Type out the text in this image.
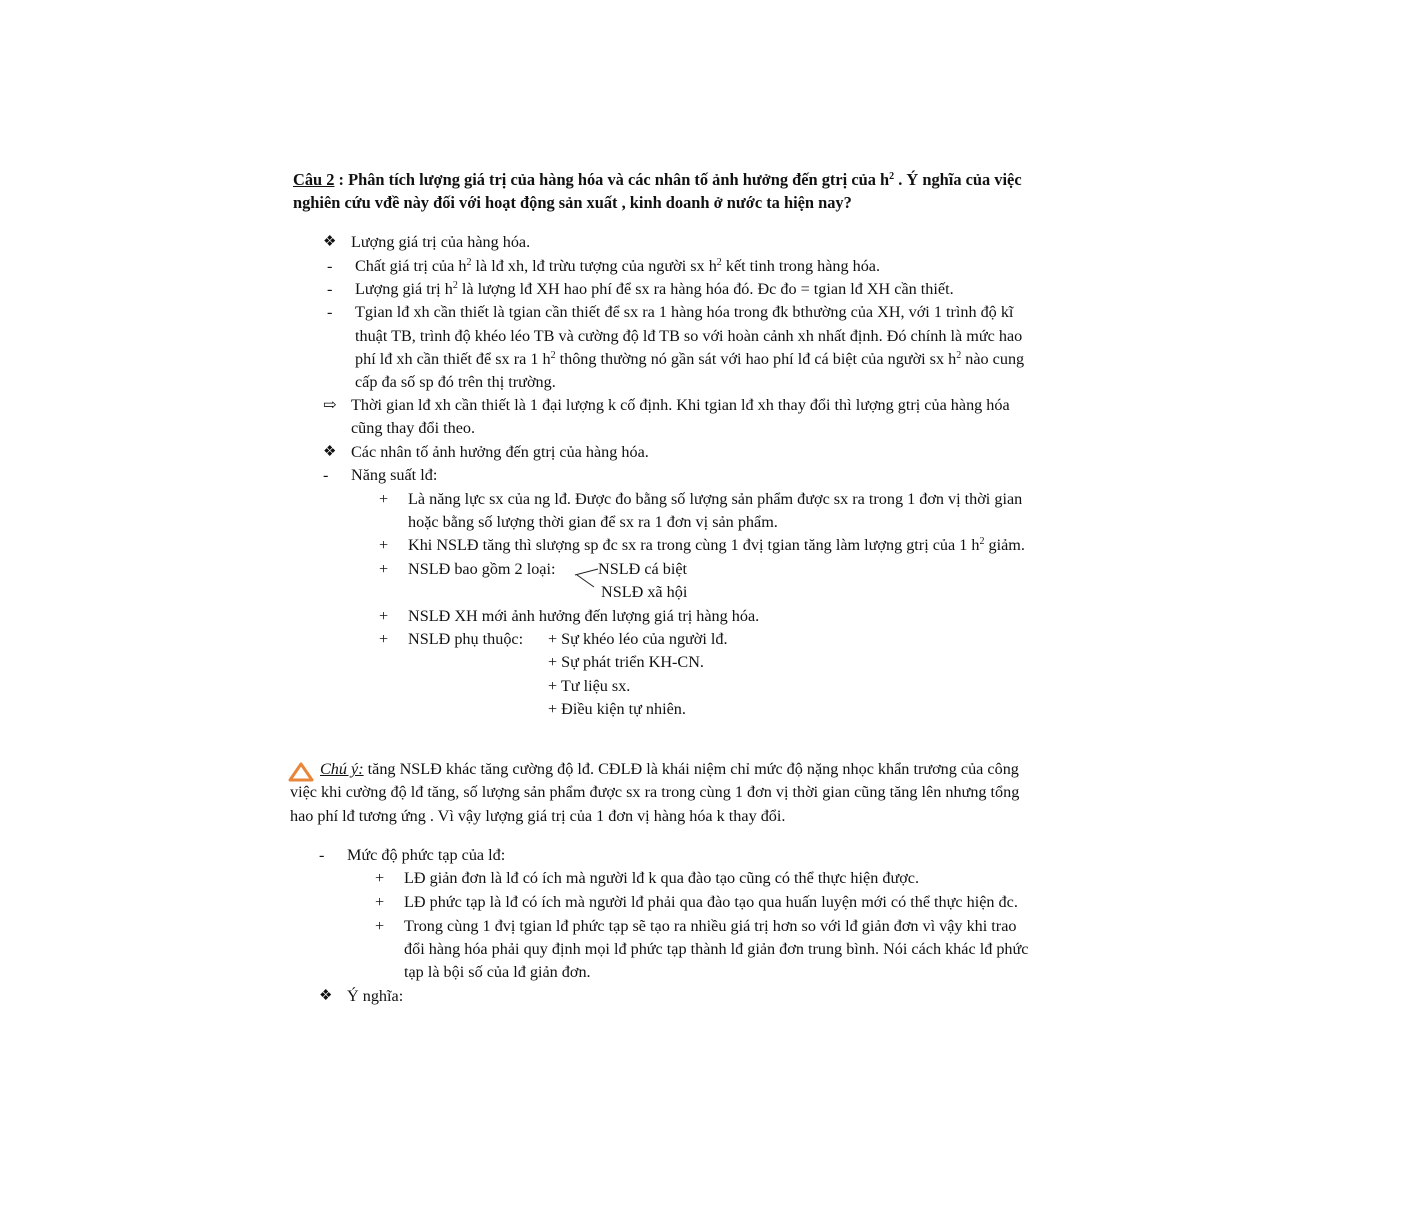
Câu 2 : Phân tích lượng giá trị của hàng hóa và các nhân tố ảnh hưởng đến gtrị của $h^2$ . Ý nghĩa của việc
nghiên cứu vđề này đối với hoạt động sản xuất , kinh doanh ở nước ta hiện nay?
❖ Lượng giá trị của hàng hóa.
- Chất giá trị của $h^2$ là lđ xh, lđ trừu tượng của người sx $h^2$ kết tinh trong hàng hóa.
- Lượng giá trị $h^2$ là lượng lđ XH hao phí để sx ra hàng hóa đó. Đc đo = tgian lđ XH cần thiết.
- Tgian lđ xh cần thiết là tgian cần thiết để sx ra 1 hàng hóa trong đk bthường của XH, với 1 trình độ kĩ
thuật TB, trình độ khéo léo TB và cường độ lđ TB so với hoàn cảnh xh nhất định. Đó chính là mức hao
phí lđ xh cần thiết để sx ra 1 $h^2$ thông thường nó gần sát với hao phí lđ cá biệt của người sx $h^2$ nào cung
cấp đa số sp đó trên thị trường.
⇨ Thời gian lđ xh cần thiết là 1 đại lượng k cố định. Khi tgian lđ xh thay đổi thì lượng gtrị của hàng hóa
cũng thay đổi theo.
❖ Các nhân tố ảnh hưởng đến gtrị của hàng hóa.
- Năng suất lđ:
+ Là năng lực sx của ng lđ. Được đo bằng số lượng sản phẩm được sx ra trong 1 đơn vị thời gian
hoặc bằng số lượng thời gian để sx ra 1 đơn vị sản phẩm.
+ Khi NSLĐ tăng thì slượng sp đc sx ra trong cùng 1 đvị tgian tăng làm lượng gtrị của 1 $h^2$ giảm.
+ NSLĐ bao gồm 2 loại:	NSLĐ cá biệt
NSLĐ xã hội
+ NSLĐ XH mới ảnh hưởng đến lượng giá trị hàng hóa.
+ NSLĐ phụ thuộc: + Sự khéo léo của người lđ.
+ Sự phát triển KH-CN.
+ Tư liệu sx.
+ Điều kiện tự nhiên.
Chú ý: tăng NSLĐ khác tăng cường độ lđ. CĐLĐ là khái niệm chỉ mức độ nặng nhọc khẩn trương của công
việc khi cường độ lđ tăng, số lượng sản phẩm được sx ra trong cùng 1 đơn vị thời gian cũng tăng lên nhưng tổng
hao phí lđ tương ứng . Vì vậy lượng giá trị của 1 đơn vị hàng hóa k thay đổi.
- Mức độ phức tạp của lđ:
+ LĐ giản đơn là lđ có ích mà người lđ k qua đào tạo cũng có thể thực hiện được.
+ LĐ phức tạp là lđ có ích mà người lđ phải qua đào tạo qua huấn luyện mới có thể thực hiện đc.
+ Trong cùng 1 đvị tgian lđ phức tạp sẽ tạo ra nhiều giá trị hơn so với lđ giản đơn vì vậy khi trao
đổi hàng hóa phải quy định mọi lđ phức tạp thành lđ giản đơn trung bình. Nói cách khác lđ phức
tạp là bội số của lđ giản đơn.
❖ Ý nghĩa:
